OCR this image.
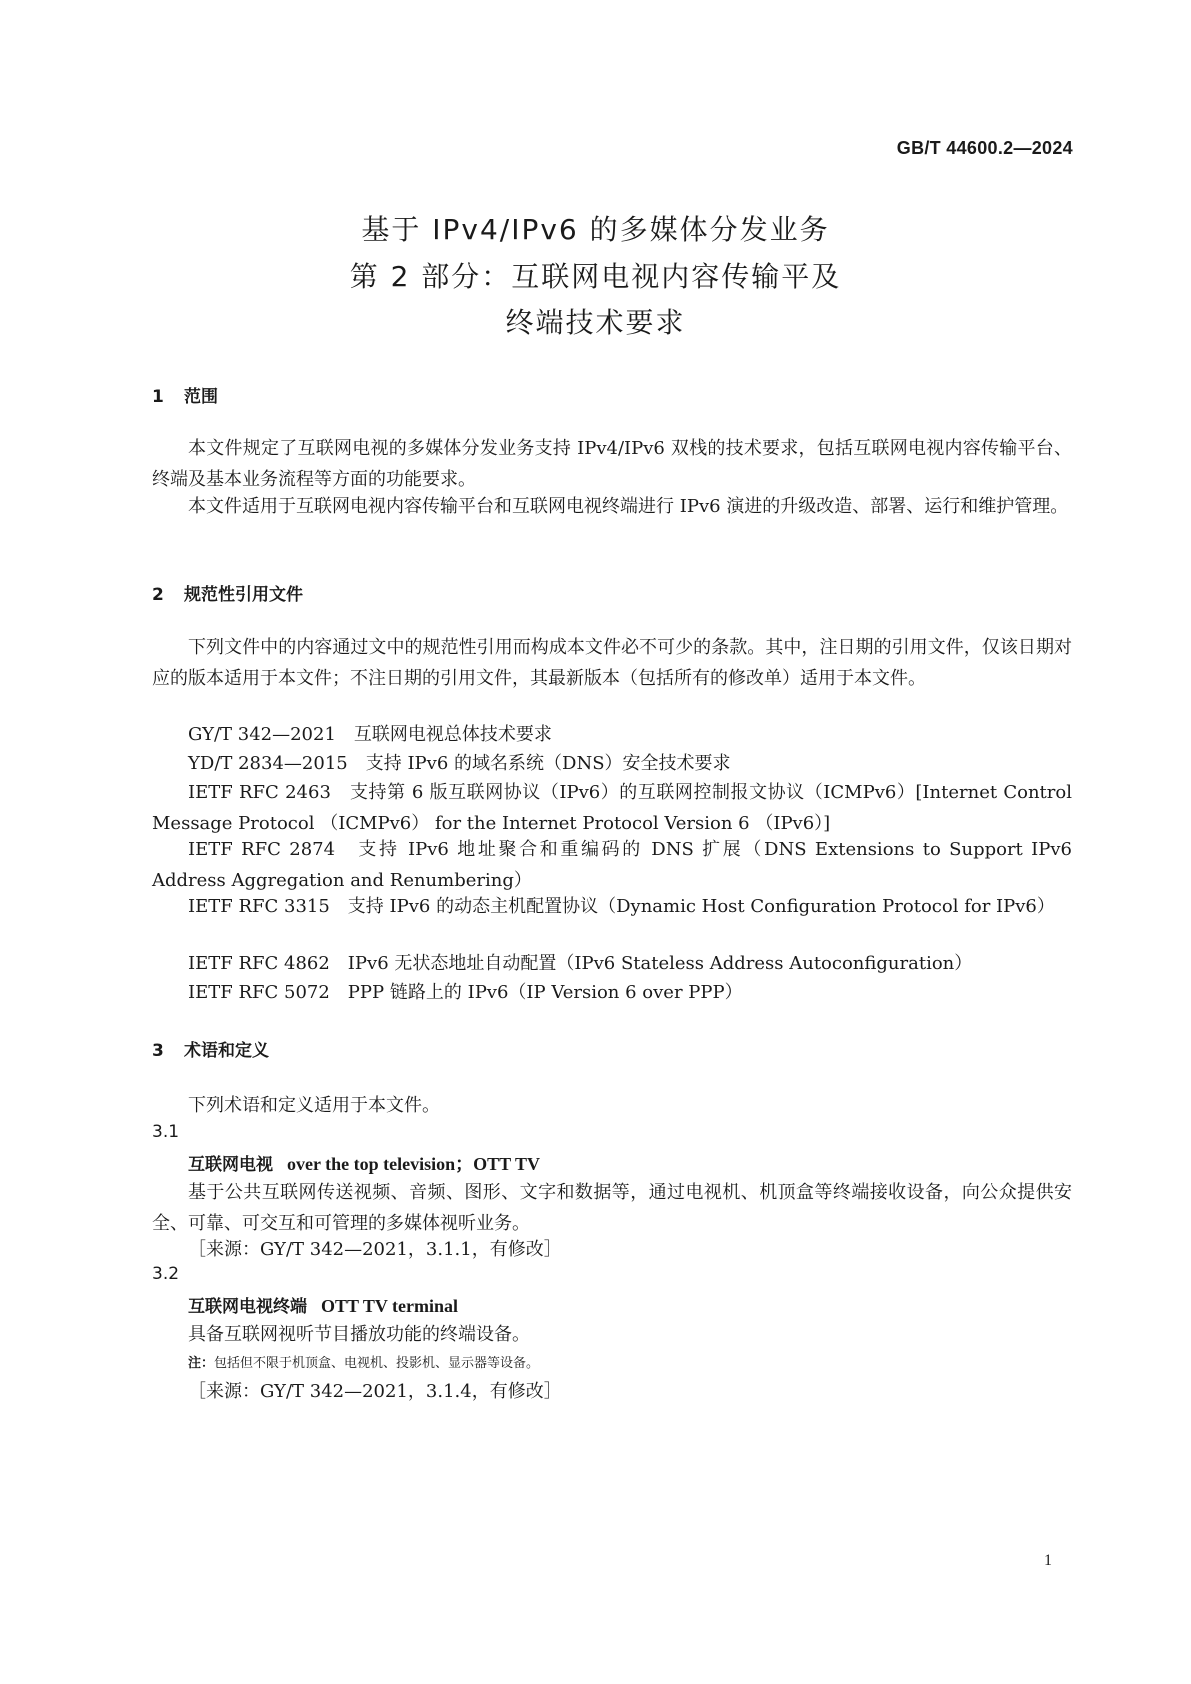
GB/T 44600.2—2024
基于 IPv4/IPv6 的多媒体分发业务
第 2 部分：互联网电视内容传输平及
终端技术要求
1 范围
本文件规定了互联网电视的多媒体分发业务支持 IPv4/IPv6 双栈的技术要求，包括互联网电视内容传输平台、终端及基本业务流程等方面的功能要求。
本文件适用于互联网电视内容传输平台和互联网电视终端进行 IPv6 演进的升级改造、部署、运行和维护管理。
2 规范性引用文件
下列文件中的内容通过文中的规范性引用而构成本文件必不可少的条款。其中，注日期的引用文件，仅该日期对应的版本适用于本文件；不注日期的引用文件，其最新版本（包括所有的修改单）适用于本文件。
GY/T 342—2021　互联网电视总体技术要求
YD/T 2834—2015　支持 IPv6 的域名系统（DNS）安全技术要求
IETF RFC 2463　支持第 6 版互联网协议（IPv6）的互联网控制报文协议（ICMPv6）[Internet Control Message Protocol （ICMPv6） for the Internet Protocol Version 6 （IPv6）]
IETF RFC 2874　支持 IPv6 地址聚合和重编码的 DNS 扩展（DNS Extensions to Support IPv6 Address Aggregation and Renumbering）
IETF RFC 3315　支持 IPv6 的动态主机配置协议（Dynamic Host Configuration Protocol for IPv6）
IETF RFC 4862　IPv6 无状态地址自动配置（IPv6 Stateless Address Autoconfiguration）
IETF RFC 5072　PPP 链路上的 IPv6（IP Version 6 over PPP）
3 术语和定义
下列术语和定义适用于本文件。
3.1
互联网电视 over the top television；OTT TV
基于公共互联网传送视频、音频、图形、文字和数据等，通过电视机、机顶盒等终端接收设备，向公众提供安全、可靠、可交互和可管理的多媒体视听业务。
［来源：GY/T 342—2021，3.1.1，有修改］
3.2
互联网电视终端 OTT TV terminal
具备互联网视听节目播放功能的终端设备。
注：包括但不限于机顶盒、电视机、投影机、显示器等设备。
［来源：GY/T 342—2021，3.1.4，有修改］
1
